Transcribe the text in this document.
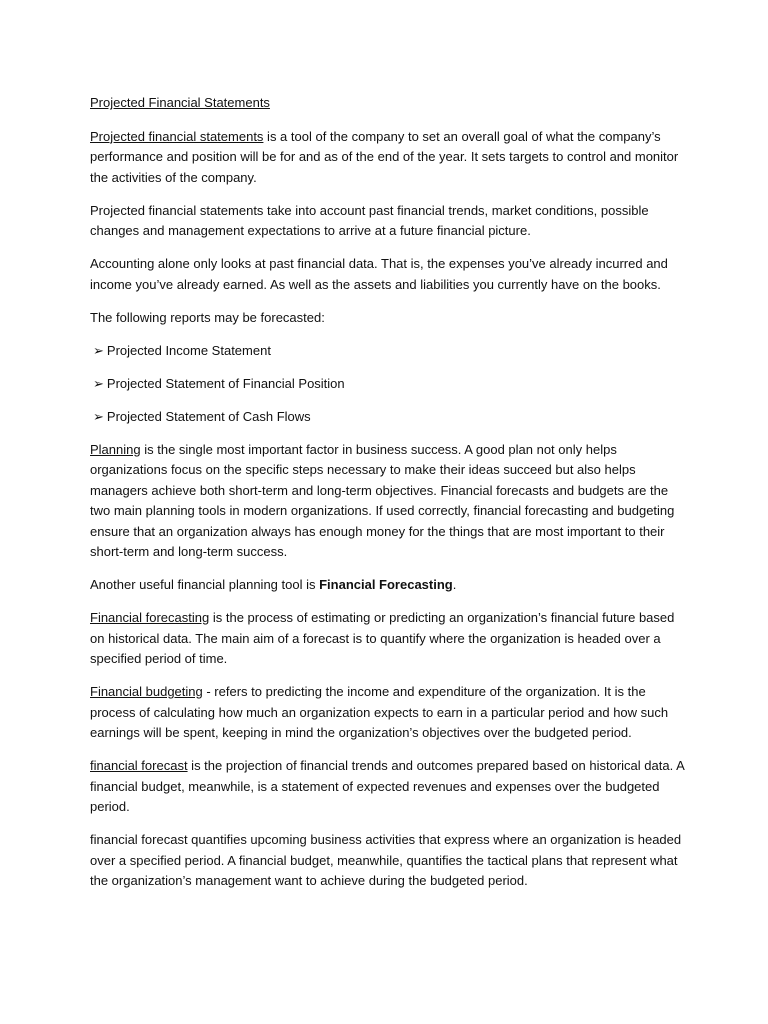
Projected Financial Statements

Projected financial statements is a tool of the company to set an overall goal of what the company’s performance and position will be for and as of the end of the year. It sets targets to control and monitor the activities of the company.

Projected financial statements take into account past financial trends, market conditions, possible changes and management expectations to arrive at a future financial picture.

Accounting alone only looks at past financial data. That is, the expenses you’ve already incurred and income you’ve already earned. As well as the assets and liabilities you currently have on the books.

The following reports may be forecasted:

➢ Projected Income Statement
➢ Projected Statement of Financial Position
➢ Projected Statement of Cash Flows

Planning is the single most important factor in business success. A good plan not only helps organizations focus on the specific steps necessary to make their ideas succeed but also helps managers achieve both short-term and long-term objectives. Financial forecasts and budgets are the two main planning tools in modern organizations. If used correctly, financial forecasting and budgeting ensure that an organization always has enough money for the things that are most important to their short-term and long-term success.

Another useful financial planning tool is Financial Forecasting.

Financial forecasting is the process of estimating or predicting an organization’s financial future based on historical data. The main aim of a forecast is to quantify where the organization is headed over a specified period of time.

Financial budgeting - refers to predicting the income and expenditure of the organization. It is the process of calculating how much an organization expects to earn in a particular period and how such earnings will be spent, keeping in mind the organization’s objectives over the budgeted period.

financial forecast is the projection of financial trends and outcomes prepared based on historical data. A financial budget, meanwhile, is a statement of expected revenues and expenses over the budgeted period.

financial forecast quantifies upcoming business activities that express where an organization is headed over a specified period. A financial budget, meanwhile, quantifies the tactical plans that represent what the organization’s management want to achieve during the budgeted period.
